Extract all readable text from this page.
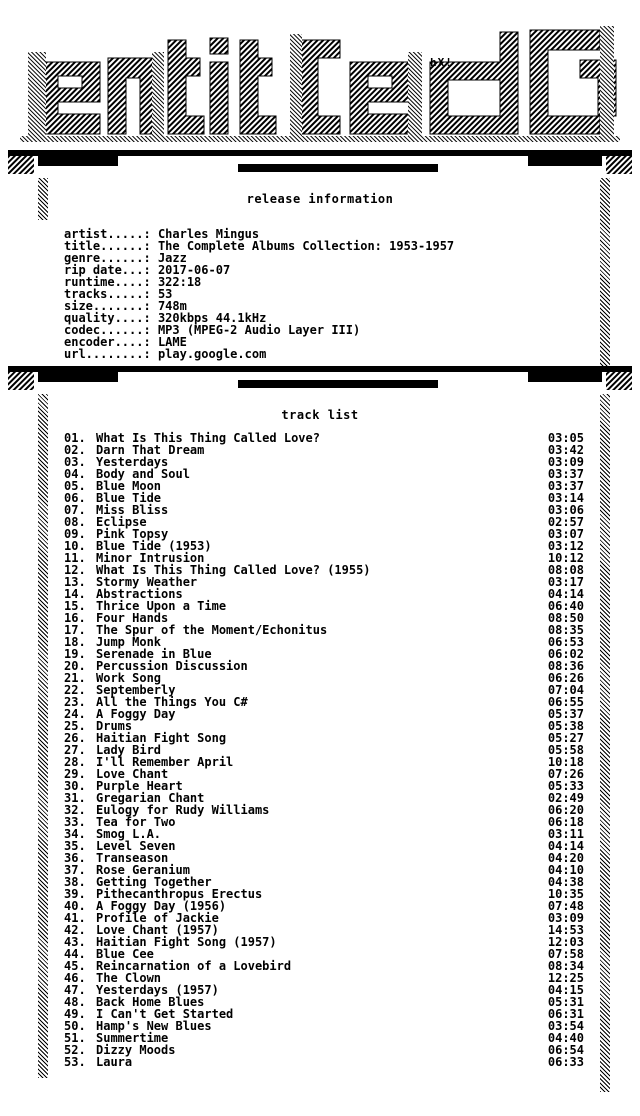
hX!
release information
artist.....: Charles Mingus
title......: The Complete Albums Collection: 1953-1957
genre......: Jazz
rip date...: 2017-06-07
runtime....: 322:18
tracks.....: 53
size.......: 748m
quality....: 320kbps 44.1kHz
codec......: MP3 (MPEG-2 Audio Layer III)
encoder....: LAME
url........: play.google.com
track list
01. What Is This Thing Called Love?	03:05
02. Darn That Dream	03:42
03. Yesterdays	03:09
04. Body and Soul	03:37
05. Blue Moon	03:37
06. Blue Tide	03:14
07. Miss Bliss	03:06
08. Eclipse	02:57
09. Pink Topsy	03:07
10. Blue Tide (1953)	03:12
11. Minor Intrusion	10:12
12. What Is This Thing Called Love? (1955)	08:08
13. Stormy Weather	03:17
14. Abstractions	04:14
15. Thrice Upon a Time	06:40
16. Four Hands	08:50
17. The Spur of the Moment/Echonitus	08:35
18. Jump Monk	06:53
19. Serenade in Blue	06:02
20. Percussion Discussion	08:36
21. Work Song	06:26
22. Septemberly	07:04
23. All the Things You C#	06:55
24. A Foggy Day	05:37
25. Drums	05:38
26. Haitian Fight Song	05:27
27. Lady Bird	05:58
28. I'll Remember April	10:18
29. Love Chant	07:26
30. Purple Heart	05:33
31. Gregarian Chant	02:49
32. Eulogy for Rudy Williams	06:20
33. Tea for Two	06:18
34. Smog L.A.	03:11
35. Level Seven	04:14
36. Transeason	04:20
37. Rose Geranium	04:10
38. Getting Together	04:38
39. Pithecanthropus Erectus	10:35
40. A Foggy Day (1956)	07:48
41. Profile of Jackie	03:09
42. Love Chant (1957)	14:53
43. Haitian Fight Song (1957)	12:03
44. Blue Cee	07:58
45. Reincarnation of a Lovebird	08:34
46. The Clown	12:25
47. Yesterdays (1957)	04:15
48. Back Home Blues	05:31
49. I Can't Get Started	06:31
50. Hamp's New Blues	03:54
51. Summertime	04:40
52. Dizzy Moods	06:54
53. Laura	06:33
